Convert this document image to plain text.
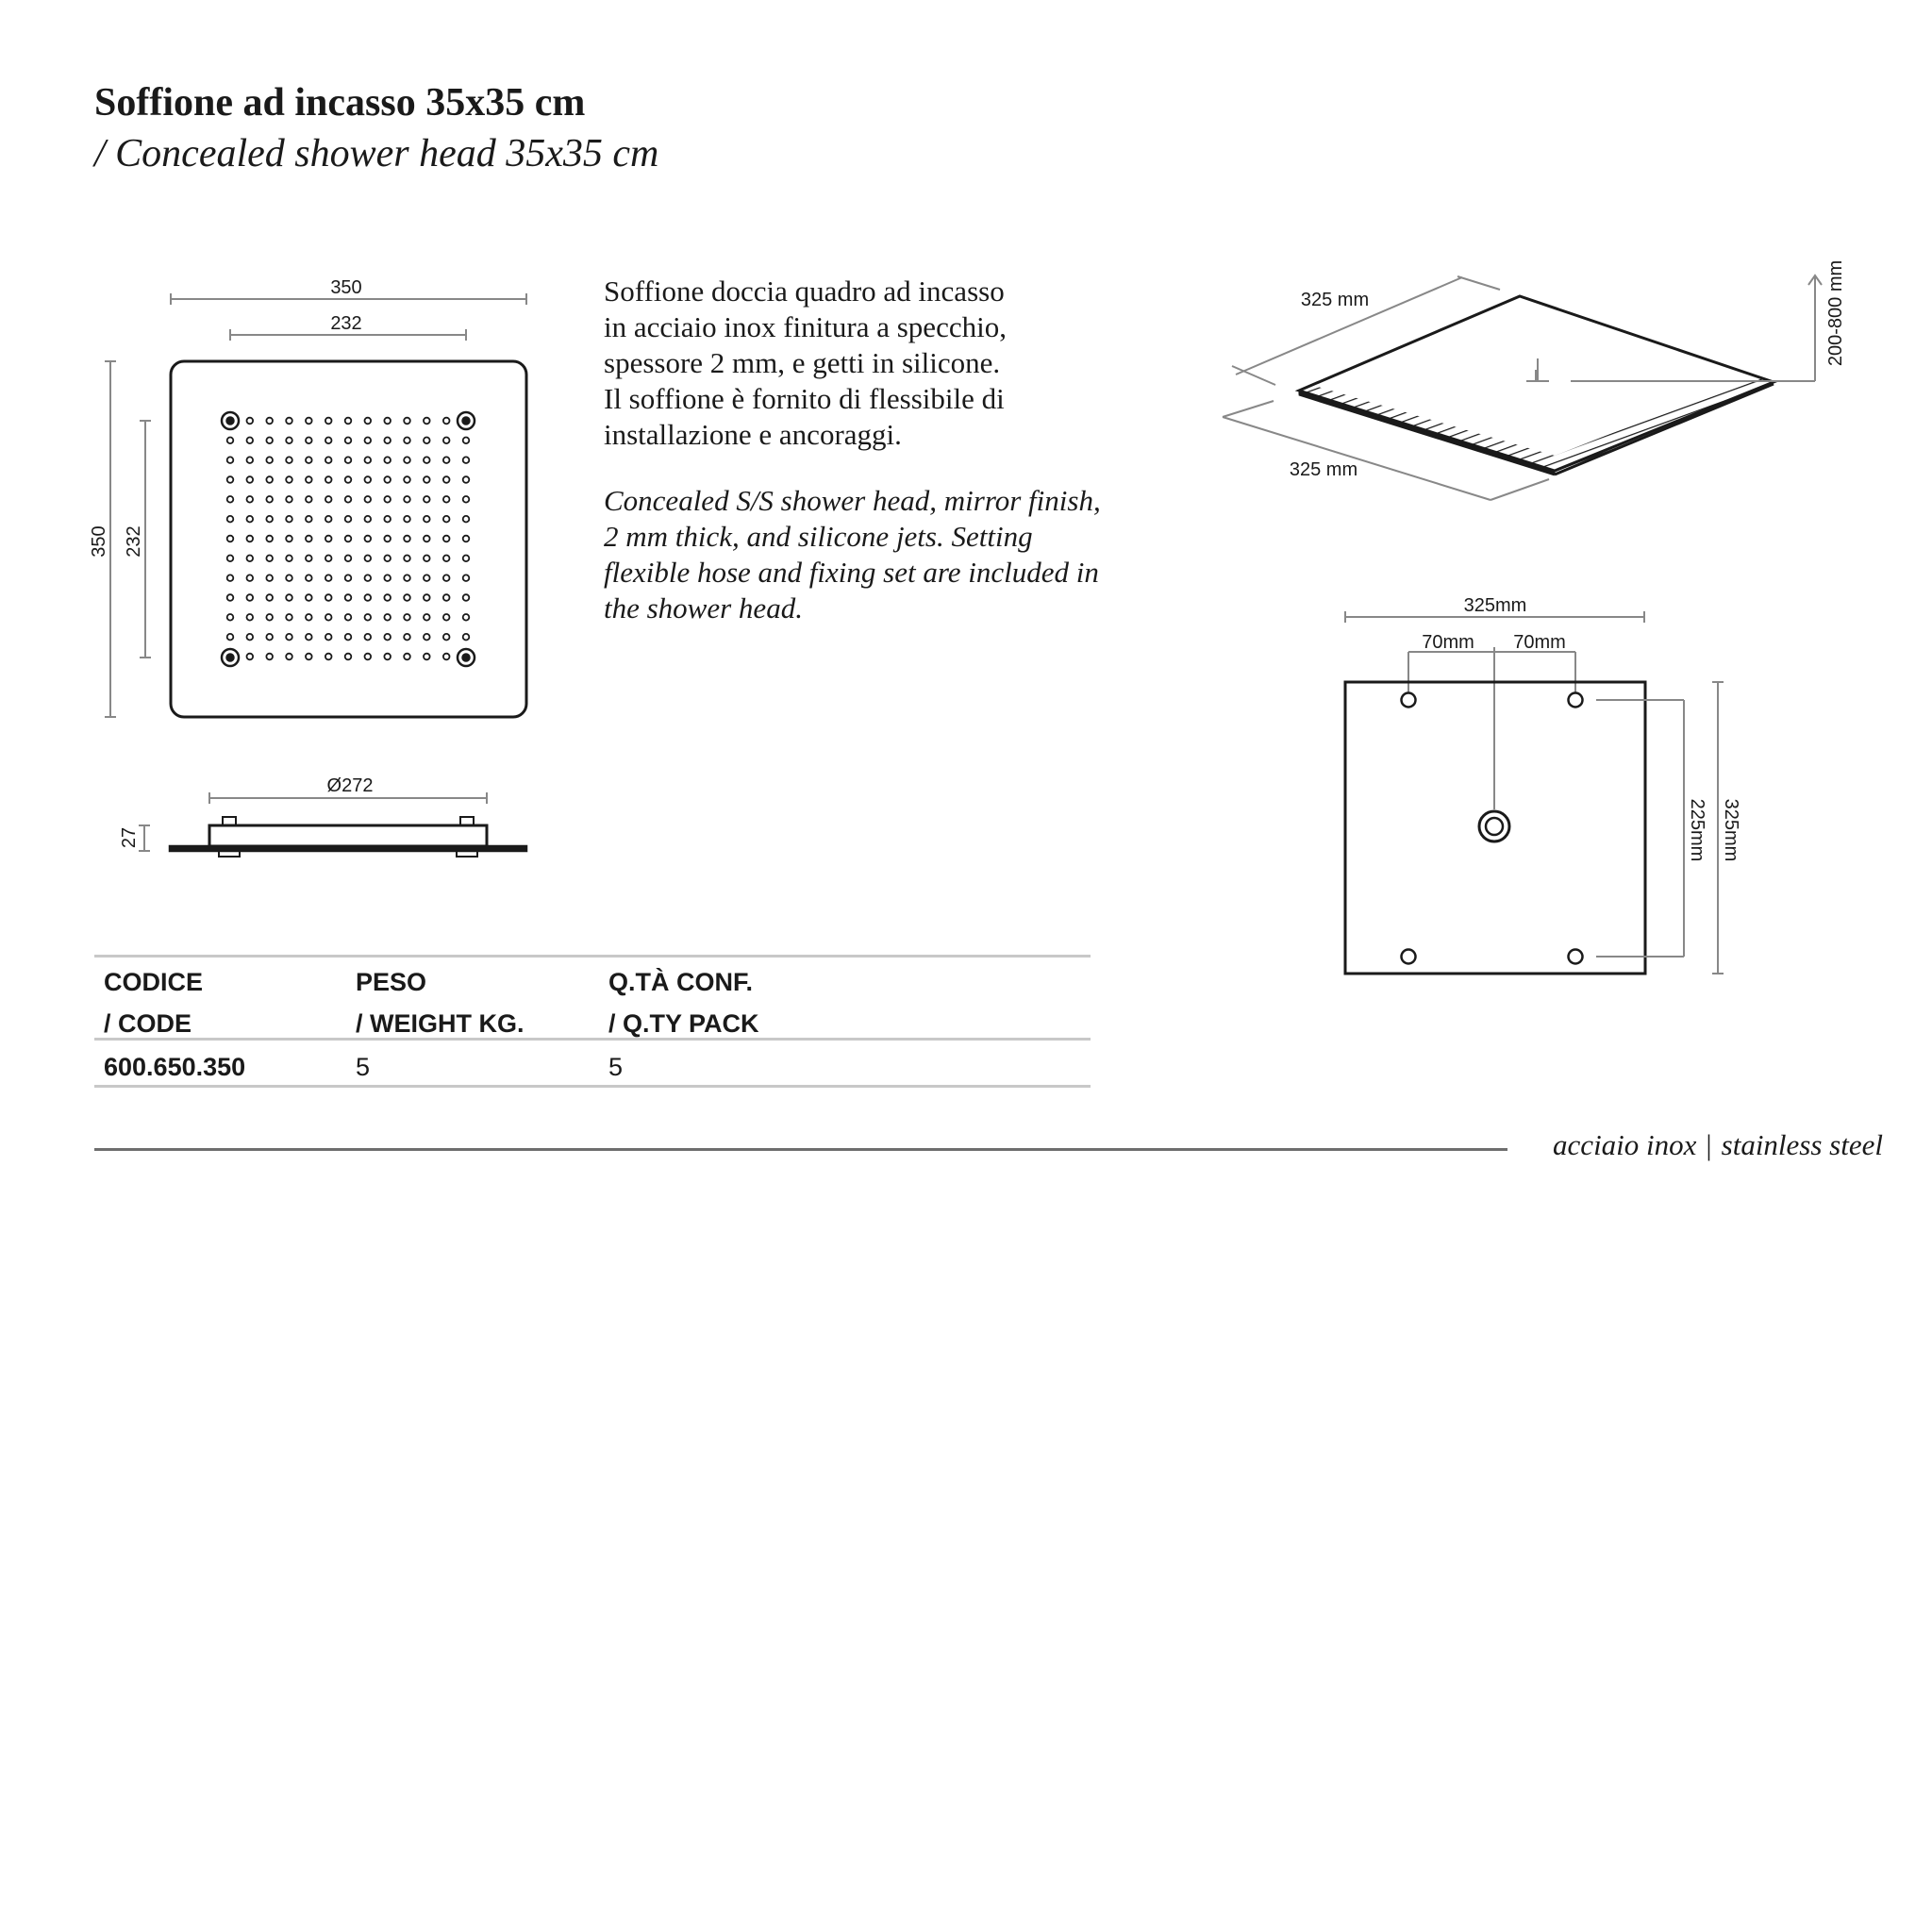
Soffione ad incasso 35x35 cm
/ Concealed shower head 35x35 cm
Soffione doccia quadro ad incasso
in acciaio inox finitura a specchio,
spessore 2 mm, e getti in silicone.
Il soffione è fornito di flessibile di
installazione e ancoraggi.
Concealed S/S shower head, mirror finish,
2 mm thick, and silicone jets. Setting
flexible hose and fixing set are included in
the shower head.
350
232
350 232
Ø272
27
325 mm
325 mm
200-800 mm
325mm
70mm 70mm
225mm 325mm
CODICE
/ CODE
PESO
/ WEIGHT KG.
Q.TÀ CONF.
/ Q.TY PACK
600.650.350	5	5
acciaio inox | stainless steel
